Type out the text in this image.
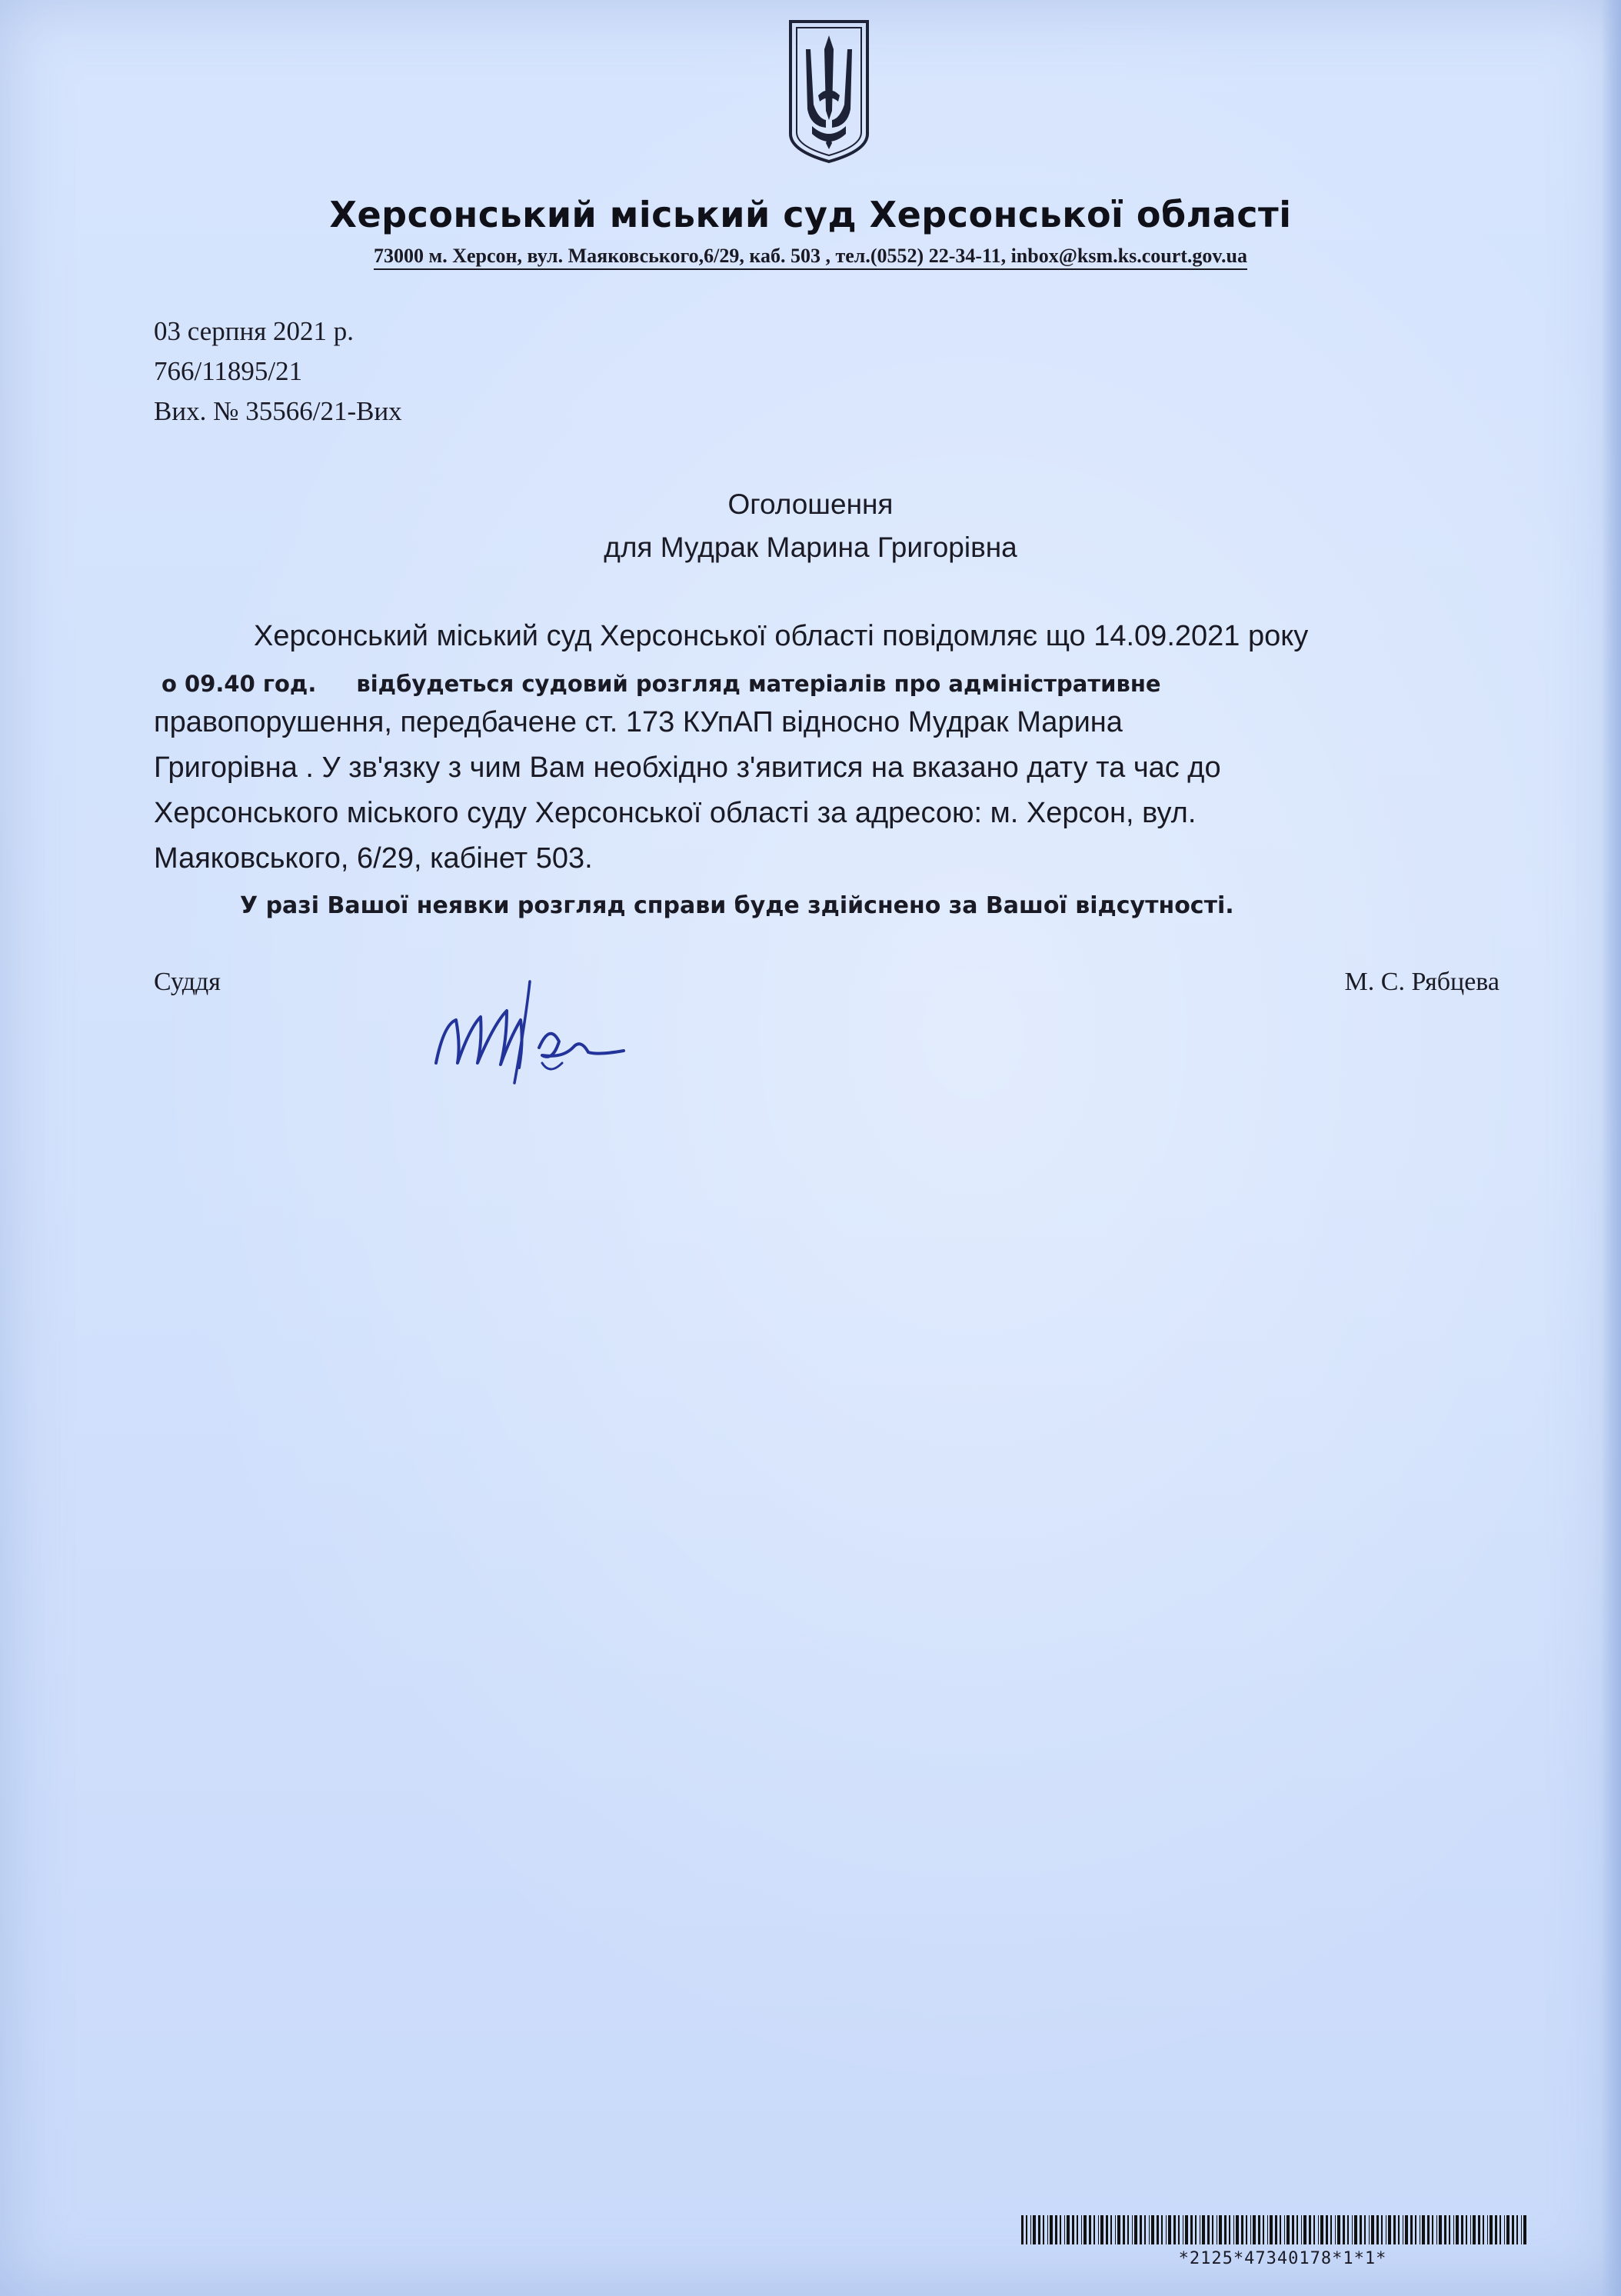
Херсонський міський суд Херсонської області
73000 м. Херсон, вул. Маяковського,6/29, каб. 503 , тел.(0552) 22-34-11, inbox@ksm.ks.court.gov.ua
03 серпня 2021 р.
766/11895/21
Вих. № 35566/21-Вих
Оголошення
для Мудрак Марина Григорівна
Херсонський міський суд Херсонської області повідомляє що 14.09.2021 року
о 09.40 год. відбудеться судовий розгляд матеріалів про адміністративне
правопорушення, передбачене ст. 173 КУпАП відносно Мудрак Марина
Григорівна . У зв'язку з чим Вам необхідно з'явитися на вказано дату та час до
Херсонського міського суду Херсонської області за адресою: м. Херсон, вул.
Маяковського, 6/29, кабінет 503.
У разі Вашої неявки розгляд справи буде здійснено за Вашої відсутності.
Суддя	М. С. Рябцева
*2125*47340178*1*1*
